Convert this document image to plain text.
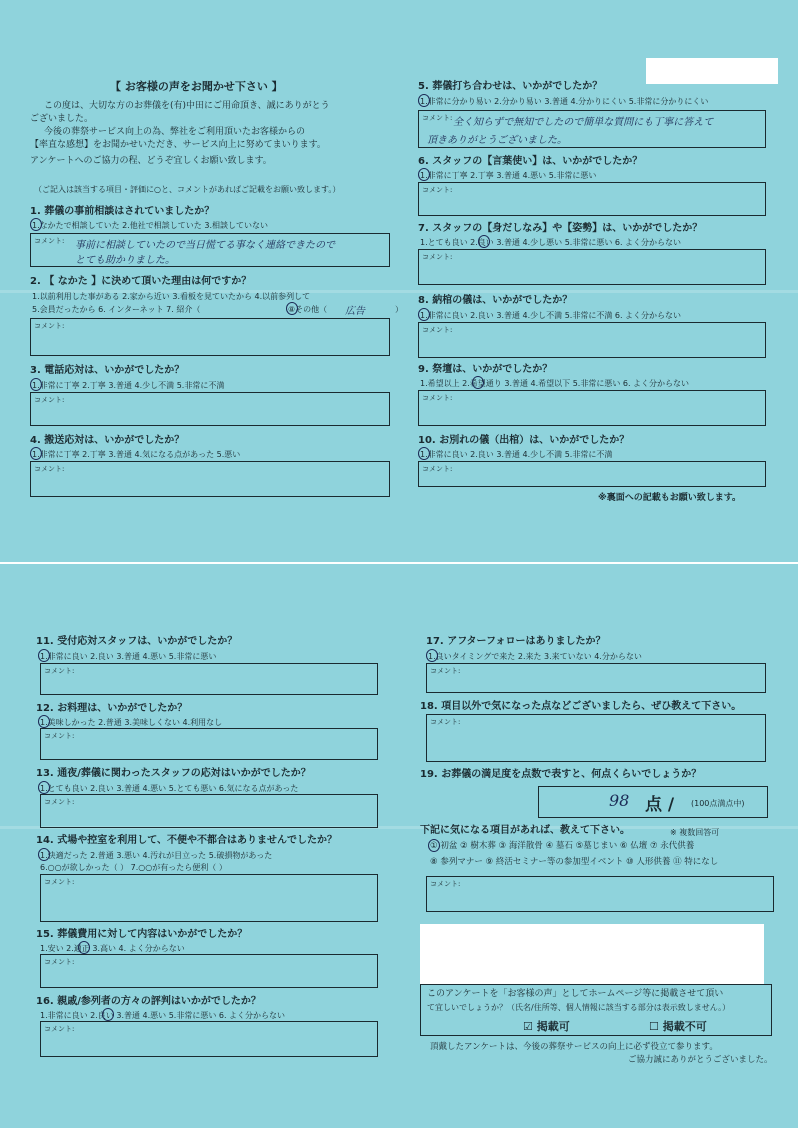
【 お客様の声をお聞かせ下さい 】
この度は、大切な方のお葬儀を(有)中田にご用命頂き、誠にありがとう
ございました。
今後の葬祭サービス向上の為、弊社をご利用頂いたお客様からの
【率直な感想】をお聞かせいただき、サービス向上に努めてまいります。
アンケートへのご協力の程、どうぞ宜しくお願い致します。
（ご記入は該当する項目・評価に○と、コメントがあればご記載をお願い致します。）
1. 葬儀の事前相談はされていましたか？
1.なかたで相談していた 2.他社で相談していた 3.相談していない
コメント: 事前に相談していたので当日慌てる事なく連絡できたので
とても助かりました。
2. 【 なかた 】に決めて頂いた理由は何ですか？
1.以前利用した事がある 2.家から近い 3.看板を見ていたから 4.以前参列して
5.会員だったから 6. インターネット 7. 紹介（	⑧その他（ 広告	）
コメント:
3. 電話応対は、いかがでしたか？
1.非常に丁寧 2.丁寧 3.普通 4.少し不満 5.非常に不満
コメント:
4. 搬送応対は、いかがでしたか？
1.非常に丁寧 2.丁寧 3.普通 4.気になる点があった 5.悪い
コメント:
5. 葬儀打ち合わせは、いかがでしたか？
1.非常に分かり易い 2.分かり易い 3.普通 4.分かりにくい 5.非常に分かりにくい
コメント: 全く知らずで無知でしたので簡単な質問にも丁寧に答えて
頂きありがとうございました。
6. スタッフの【言葉使い】は、いかがでしたか？
1.非常に丁寧 2.丁寧 3.普通 4.悪い 5.非常に悪い
コメント:
7. スタッフの【身だしなみ】や【姿勢】は、いかがでしたか？
1.とても良い 2.良い 3.普通 4.少し悪い 5.非常に悪い 6. よく分からない
コメント:
8. 納棺の儀は、いかがでしたか？
1.非常に良い 2.良い 3.普通 4.少し不満 5.非常に不満 6. よく分からない
コメント:
9. 祭壇は、いかがでしたか？
1.希望以上 2.希望通り 3.普通 4.希望以下 5.非常に悪い 6. よく分からない
コメント:
10. お別れの儀（出棺）は、いかがでしたか？
1.非常に良い 2.良い 3.普通 4.少し不満 5.非常に不満
コメント:
※裏面への記載もお願い致します。
11. 受付応対スタッフは、いかがでしたか？
1.非常に良い 2.良い 3.普通 4.悪い 5.非常に悪い
コメント:
12. お料理は、いかがでしたか？
1.美味しかった 2.普通 3.美味しくない 4.利用なし
コメント:
13. 通夜/葬儀に関わったスタッフの応対はいかがでしたか？
1.とても良い 2.良い 3.普通 4.悪い 5.とても悪い 6.気になる点があった
コメント:
14. 式場や控室を利用して、不便や不都合はありませんでしたか？
1.快適だった 2.普通 3.悪い 4.汚れが目立った 5.破損物があった
6.○○が欲しかった（ ） 7.○○が有ったら便利（ ）
コメント:
15. 葬儀費用に対して内容はいかがでしたか？
1.安い 2.適正 3.高い 4. よく分からない
コメント:
16. 親戚/参列者の方々の評判はいかがでしたか？
1.非常に良い 2.良い 3.普通 4.悪い 5.非常に悪い 6. よく分からない
コメント:
17. アフターフォローはありましたか？
1.良いタイミングで来た 2.来た 3.来ていない 4.分からない
コメント:
18. 項目以外で気になった点などございましたら、ぜひ教えて下さい。
コメント:
19. お葬儀の満足度を点数で表すと、何点くらいでしょうか？
98 点 / (100点満点中)
下記に気になる項目があれば、教えて下さい。	※ 複数回答可
① 初盆 ② 樹木葬 ③ 海洋散骨 ④ 墓石 ⑤墓じまい ⑥ 仏壇 ⑦ 永代供養
⑧ 参列マナー ⑨ 終活セミナー等の参加型イベント ⑩ 人形供養 ⑪ 特になし
コメント:
このアンケートを「お客様の声」としてホームページ等に掲載させて頂い
て宜しいでしょうか？（氏名/住所等、個人情報に該当する部分は表示致しません。）
☑ 掲載可	☐ 掲載不可
頂戴したアンケートは、今後の葬祭サービスの向上に必ず役立て参ります。
ご協力誠にありがとうございました。
